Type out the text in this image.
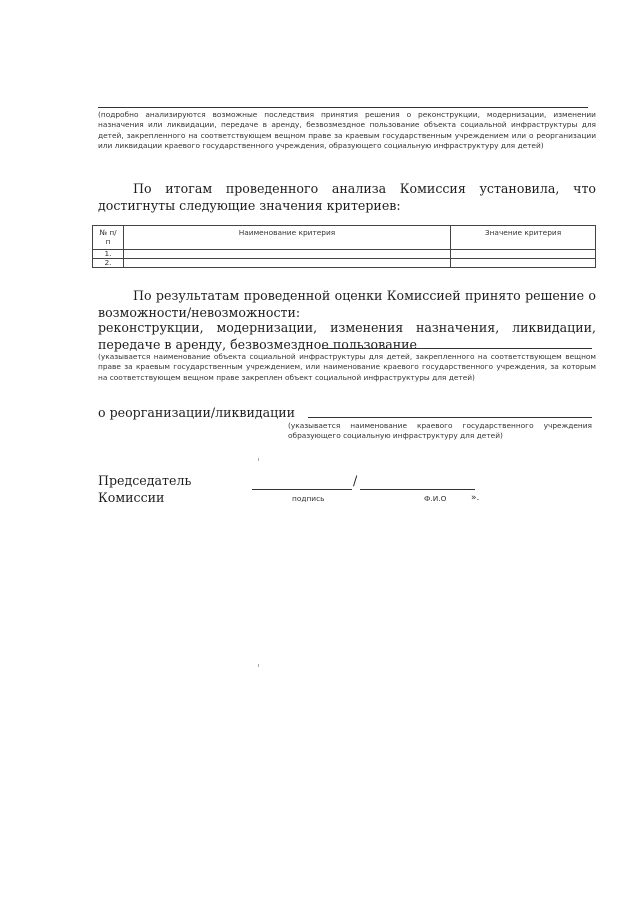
(подробно анализируются возможные последствия принятия решения о реконструкции, модернизации, изменении назначения или ликвидации, передаче в аренду, безвозмездное пользование объекта социальной инфраструктуры для детей, закрепленного на соответствующем вещном праве за краевым государственным учреждением или о реорганизации или ликвидации краевого государственного учреждения, образующего социальную инфраструктуру для детей)
По итогам проведенного анализа Комиссия установила, что достигнуты следующие значения критериев:
№ п/п	Наименование критерия	Значение критерия
1.		
2.		
По результатам проведенной оценки Комиссией принято решение о возможности/невозможности:
реконструкции, модернизации, изменения назначения, ликвидации, передаче в аренду, безвозмездное пользование
(указывается наименование объекта социальной инфраструктуры для детей, закрепленного на соответствующем вещном праве за краевым государственным учреждением, или наименование краевого государственного учреждения, за которым на соответствующем вещном праве закреплен объект социальной инфраструктуры для детей)
о реорганизации/ликвидации
(указывается наименование краевого государственного учреждения образующего социальную инфраструктуру для детей)
Председатель Комиссии
/
подпись	Ф.И.О	».
